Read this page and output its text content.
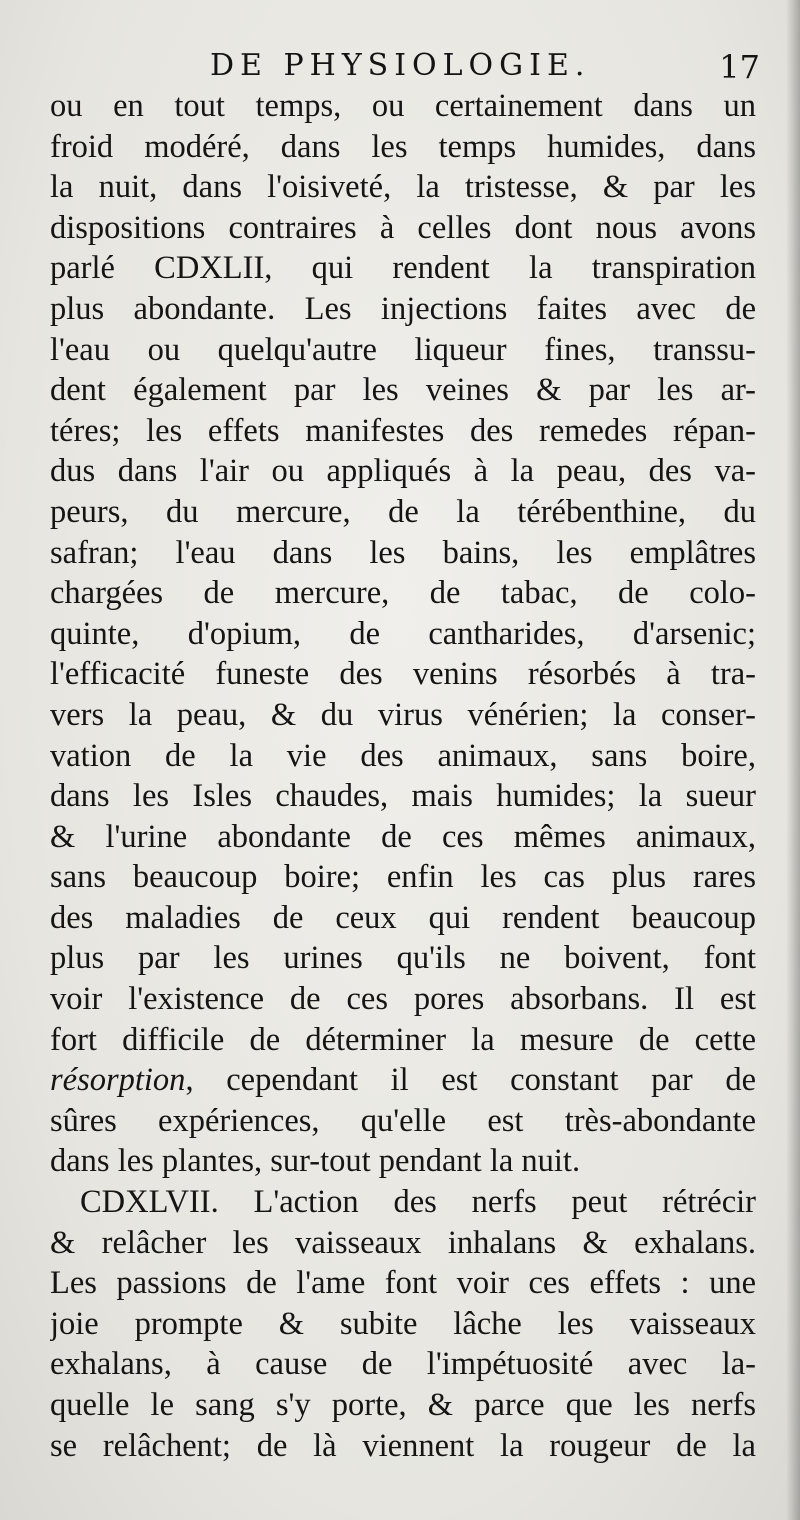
DE PHYSIOLOGIE.	17
ou en tout temps, ou certainement dans un
froid modéré, dans les temps humides, dans
la nuit, dans l'oisiveté, la tristesse, & par les
dispositions contraires à celles dont nous avons
parlé CDXLII, qui rendent la transpiration
plus abondante. Les injections faites avec de
l'eau ou quelqu'autre liqueur fines, transsu-
dent également par les veines & par les ar-
téres; les effets manifestes des remedes répan-
dus dans l'air ou appliqués à la peau, des va-
peurs, du mercure, de la térébenthine, du
safran; l'eau dans les bains, les emplâtres
chargées de mercure, de tabac, de colo-
quinte, d'opium, de cantharides, d'arsenic;
l'efficacité funeste des venins résorbés à tra-
vers la peau, & du virus vénérien; la conser-
vation de la vie des animaux, sans boire,
dans les Isles chaudes, mais humides; la sueur
& l'urine abondante de ces mêmes animaux,
sans beaucoup boire; enfin les cas plus rares
des maladies de ceux qui rendent beaucoup
plus par les urines qu'ils ne boivent, font
voir l'existence de ces pores absorbans. Il est
fort difficile de déterminer la mesure de cette
résorption, cependant il est constant par de
sûres expériences, qu'elle est très-abondante
dans les plantes, sur-tout pendant la nuit.
CDXLVII. L'action des nerfs peut rétrécir
& relâcher les vaisseaux inhalans & exhalans.
Les passions de l'ame font voir ces effets : une
joie prompte & subite lâche les vaisseaux
exhalans, à cause de l'impétuosité avec la-
quelle le sang s'y porte, & parce que les nerfs
se relâchent; de là viennent la rougeur de la
